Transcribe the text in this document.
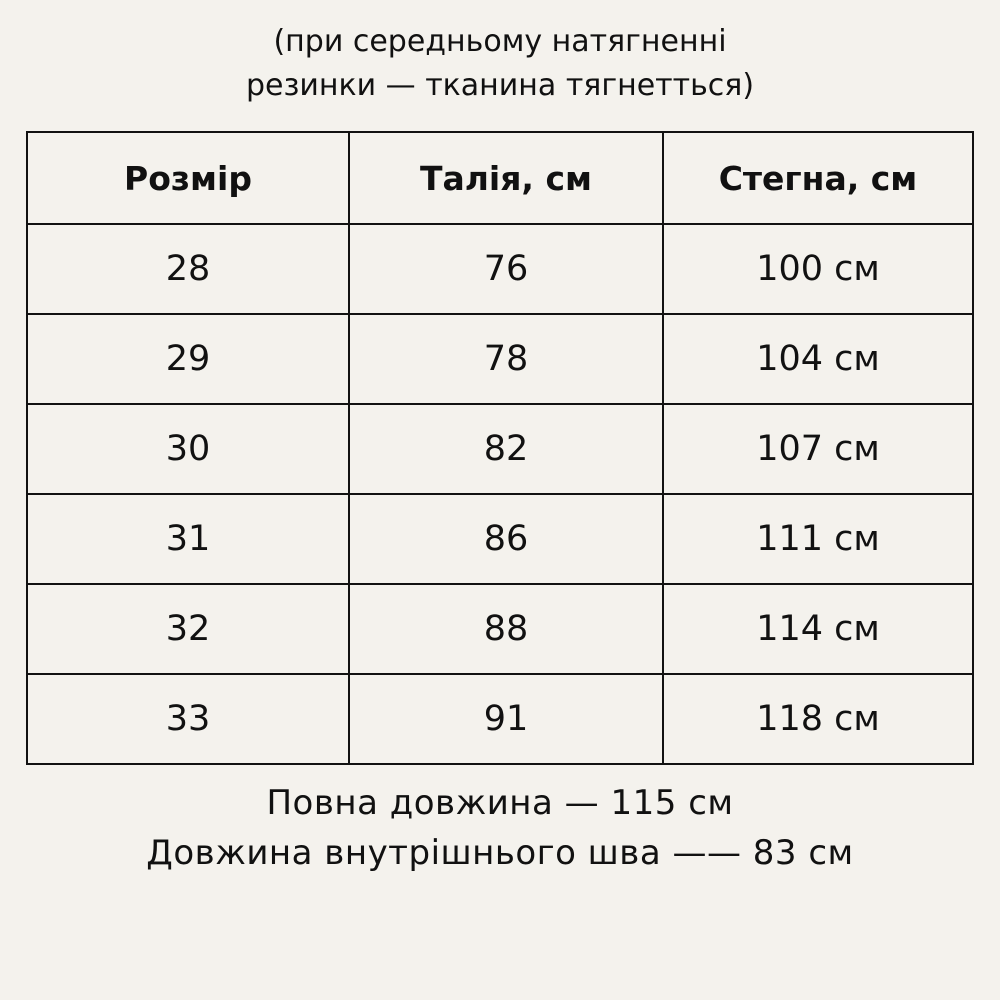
(при середньому натягненні
резинки — тканина тягнетться)
Розмір	Талія, см	Стегна, см
28	76	100 см
29	78	104 см
30	82	107 см
31	86	111 см
32	88	114 см
33	91	118 см
Повна довжина — 115 см
Довжина внутрішнього шва —— 83 см
